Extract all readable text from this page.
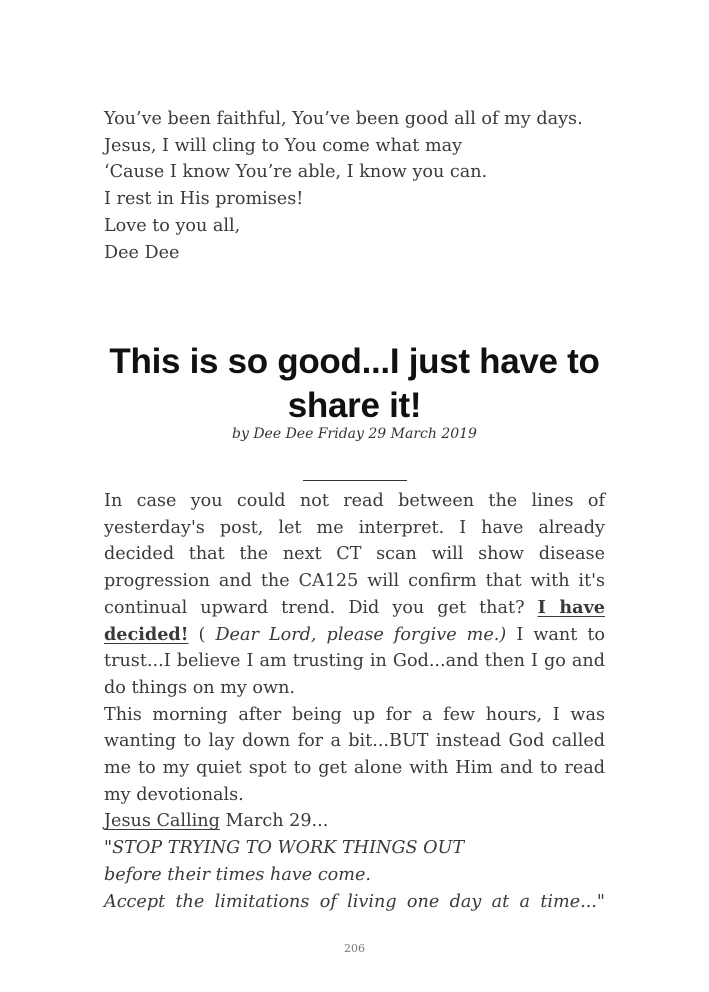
You’ve been faithful, You’ve been good all of my days.

Jesus, I will cling to You come what may

‘Cause I know You’re able, I know you can.

I rest in His promises!

Love to you all,

Dee Dee

This is so good...I just have to
share it!
by Dee Dee Friday 29 March 2019

In case you could not read between the lines of yesterday's post, let me interpret. I have already decided that the next CT scan will show disease progression and the CA125 will confirm that with it's continual upward trend. Did you get that? I have decided! ( Dear Lord, please forgive me.) I want to trust...I believe I am trusting in God...and then I go and do things on my own.

This morning after being up for a few hours, I was wanting to lay down for a bit...BUT instead God called me to my quiet spot to get alone with Him and to read my devotionals.

Jesus Calling March 29...

"STOP TRYING TO WORK THINGS OUT

before their times have come.

Accept the limitations of living one day at a time..."

206
